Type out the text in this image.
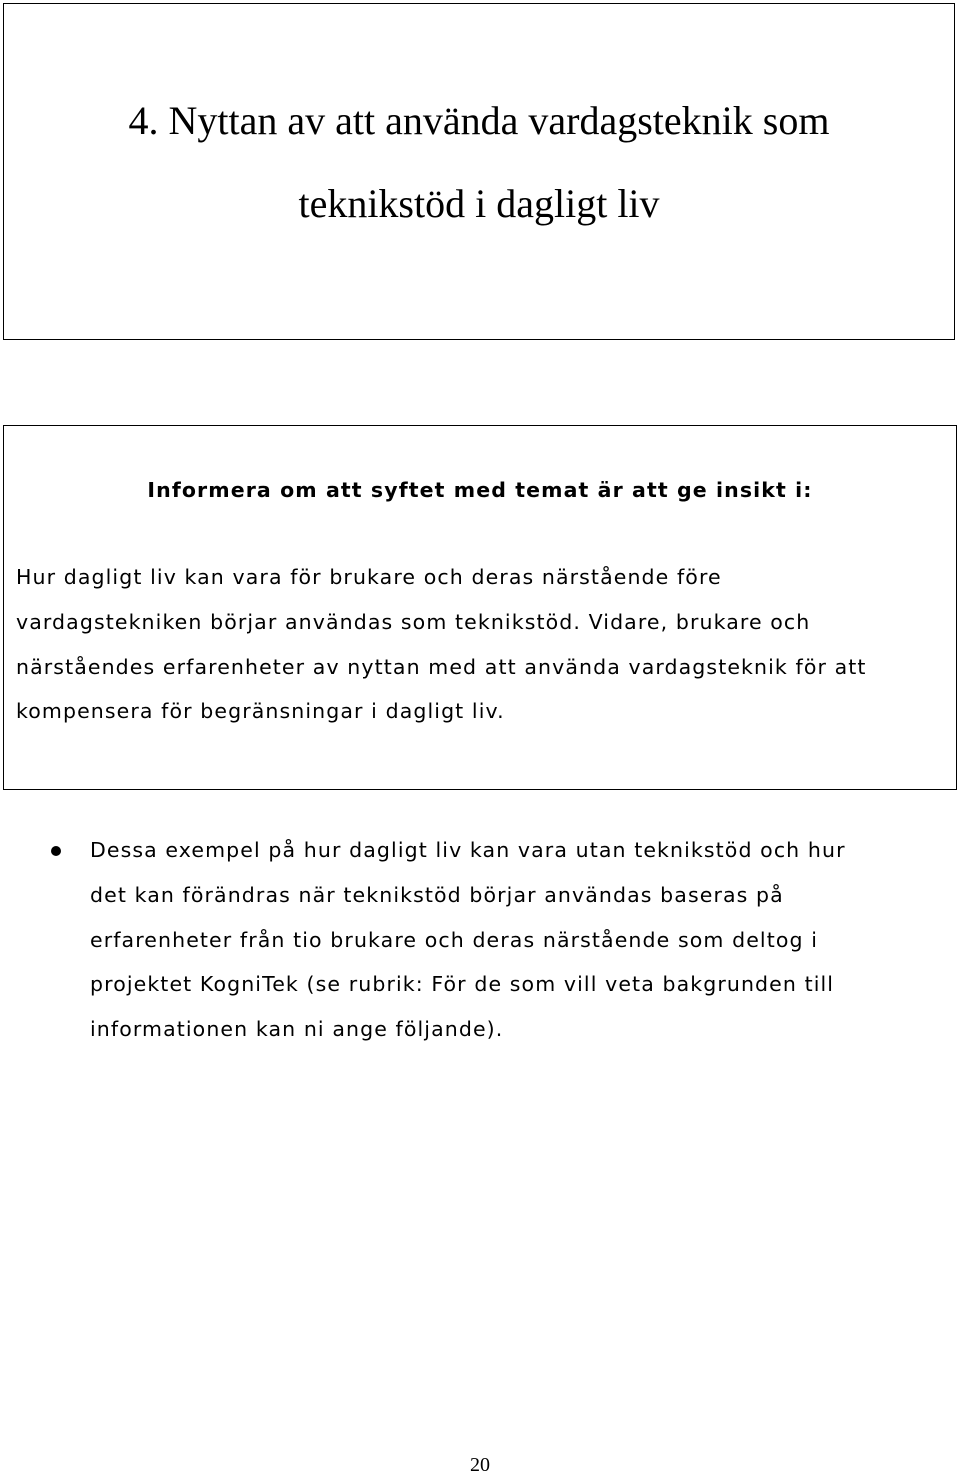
4. Nyttan av att använda vardagsteknik som
teknikstöd i dagligt liv
Informera om att syftet med temat är att ge insikt i:
Hur dagligt liv kan vara för brukare och deras närstående före
vardagstekniken börjar användas som teknikstöd. Vidare, brukare och
närståendes erfarenheter av nyttan med att använda vardagsteknik för att
kompensera för begränsningar i dagligt liv.
Dessa exempel på hur dagligt liv kan vara utan teknikstöd och hur
det kan förändras när teknikstöd börjar användas baseras på
erfarenheter från tio brukare och deras närstående som deltog i
projektet KogniTek (se rubrik: För de som vill veta bakgrunden till
informationen kan ni ange följande).
20
